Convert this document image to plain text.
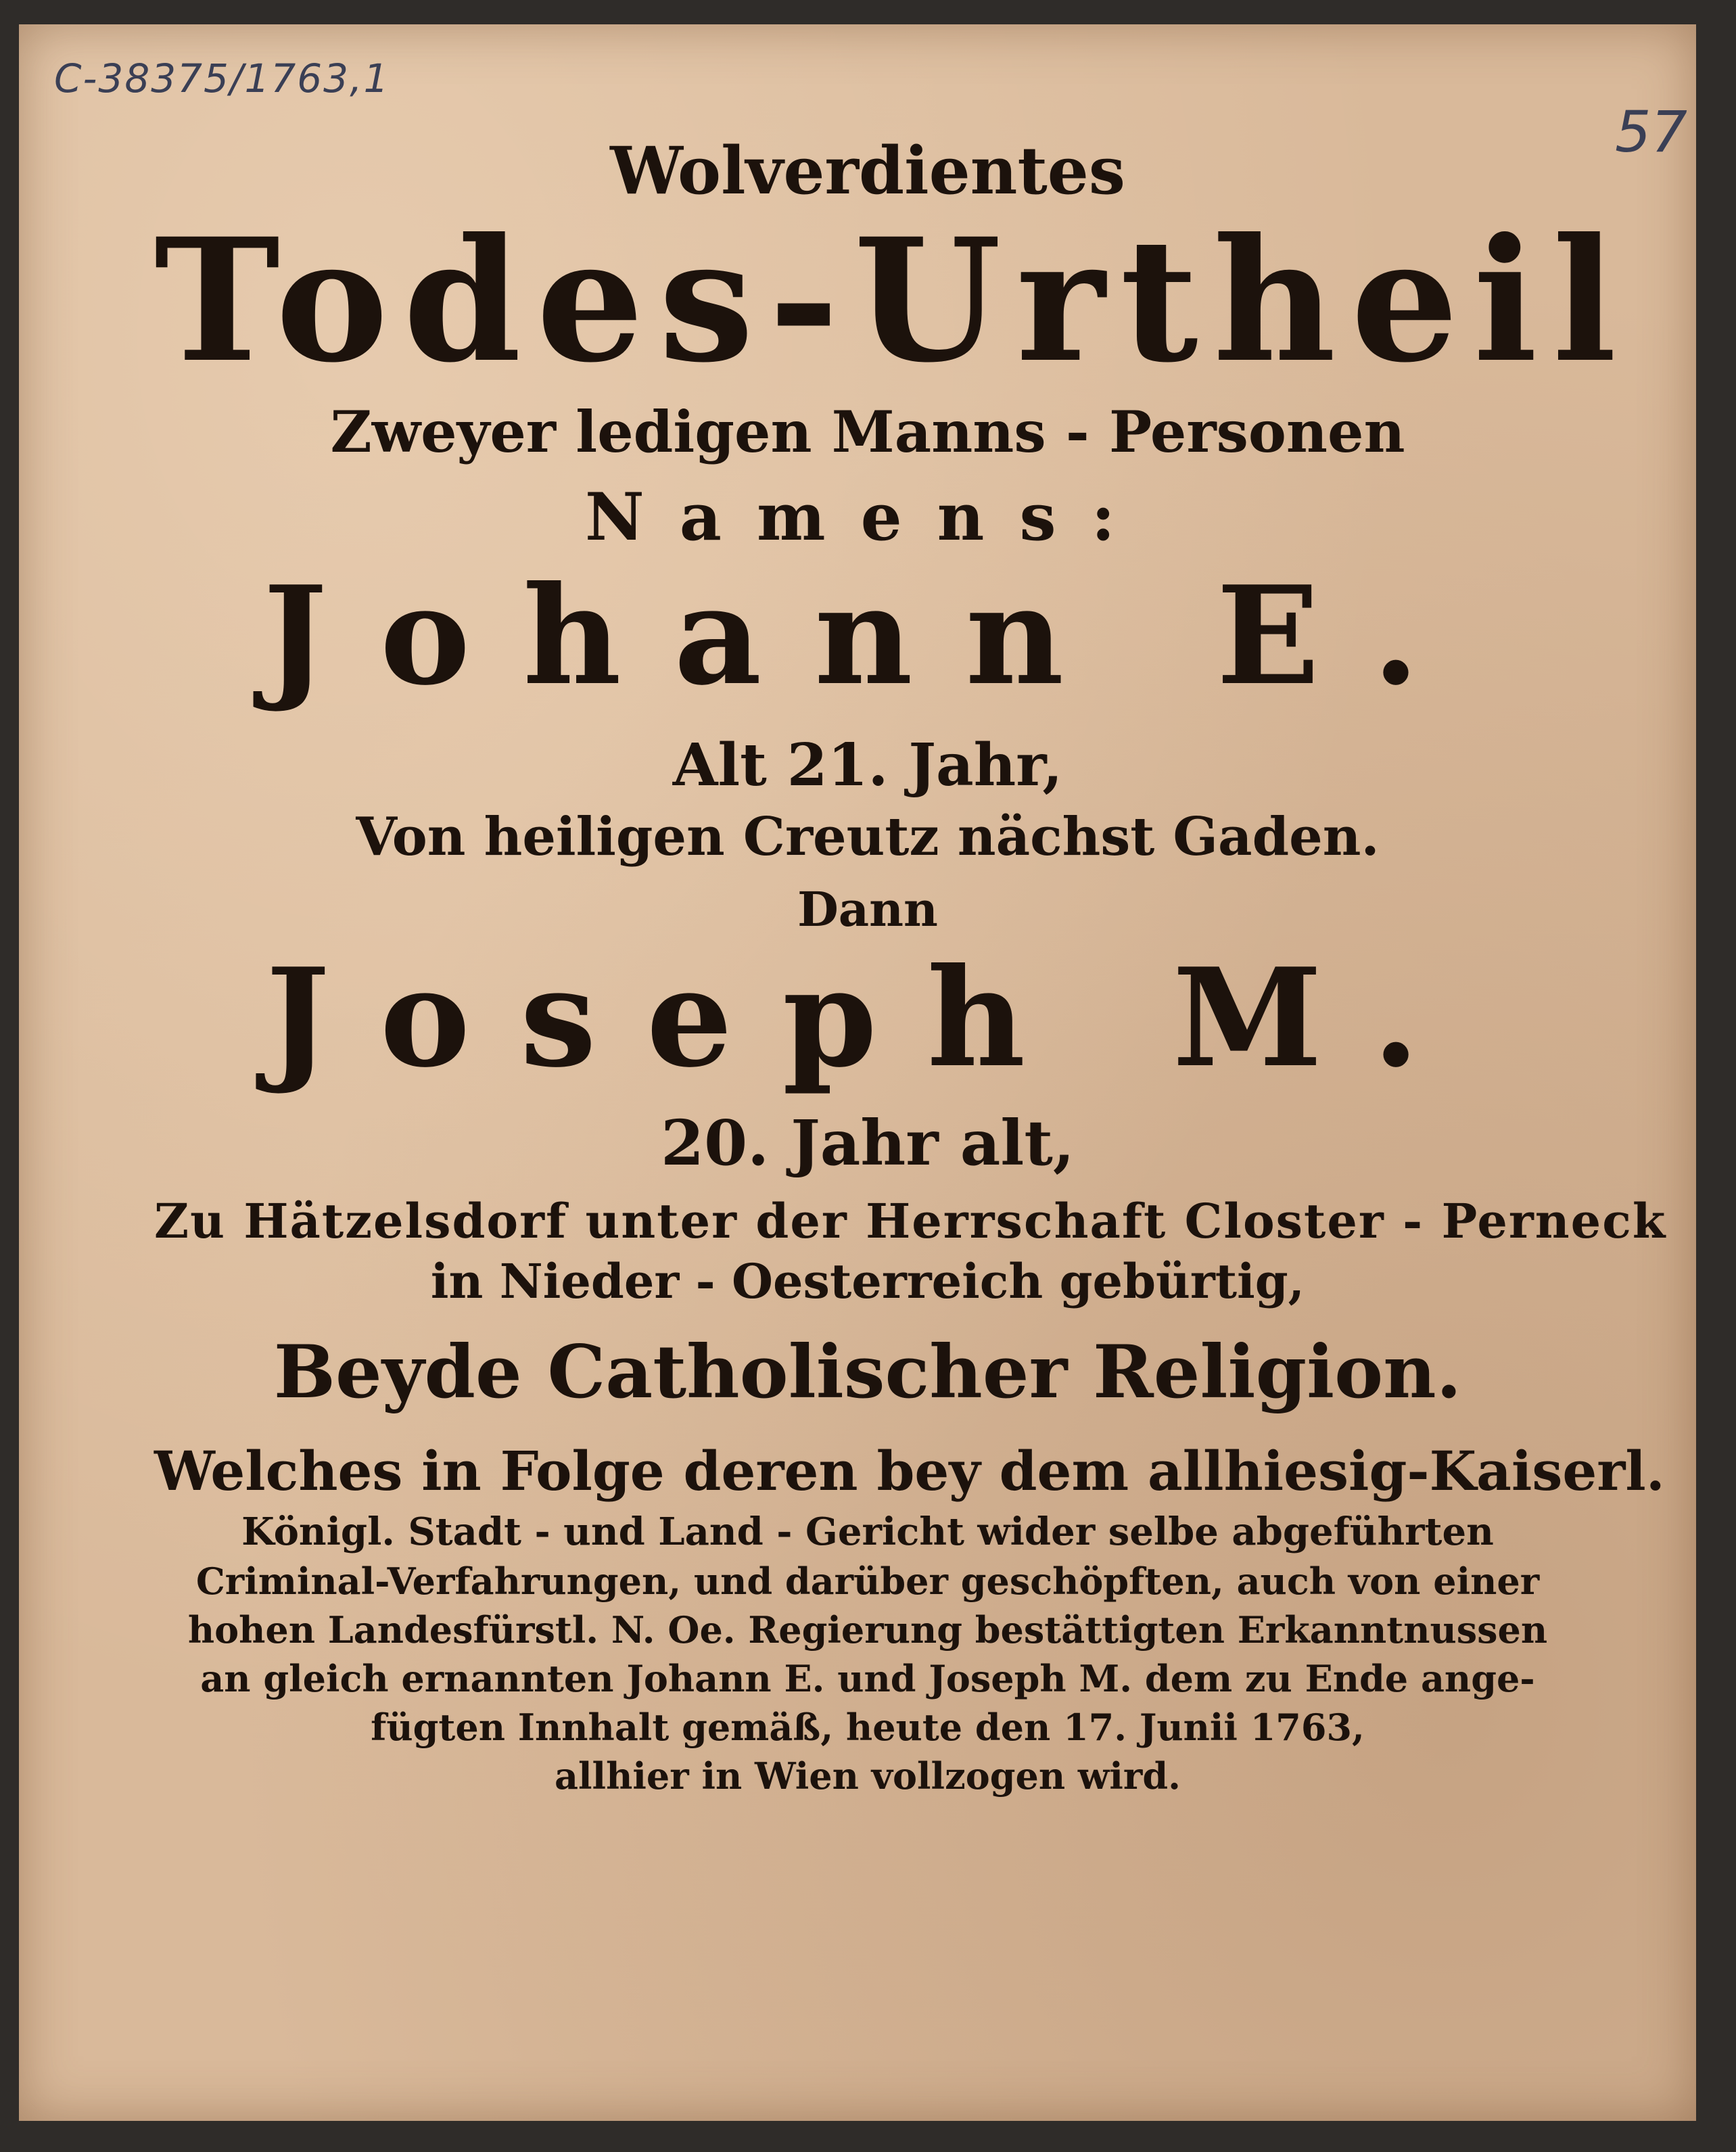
C-38375/1763,1
57
Wolverdientes
Todes-Urtheil
Zweyer ledigen Manns - Personen
Namens:
Johann E.
Alt 21. Jahr,
Von heiligen Creutz nächst Gaden.
Dann
Joseph M.
20. Jahr alt,
Zu Hätzelsdorf unter der Herrschaft Closter - Perneck
in Nieder - Oesterreich gebürtig,
Beyde Catholischer Religion.
Welches in Folge deren bey dem allhiesig-Kaiserl.
Königl. Stadt - und Land - Gericht wider selbe abgeführten
Criminal-Verfahrungen, und darüber geschöpften, auch von einer
hohen Landesfürstl. N. Oe. Regierung bestättigten Erkanntnussen
an gleich ernannten Johann E. und Joseph M. dem zu Ende ange-
fügten Innhalt gemäß, heute den 17. Junii 1763,
allhier in Wien vollzogen wird.
